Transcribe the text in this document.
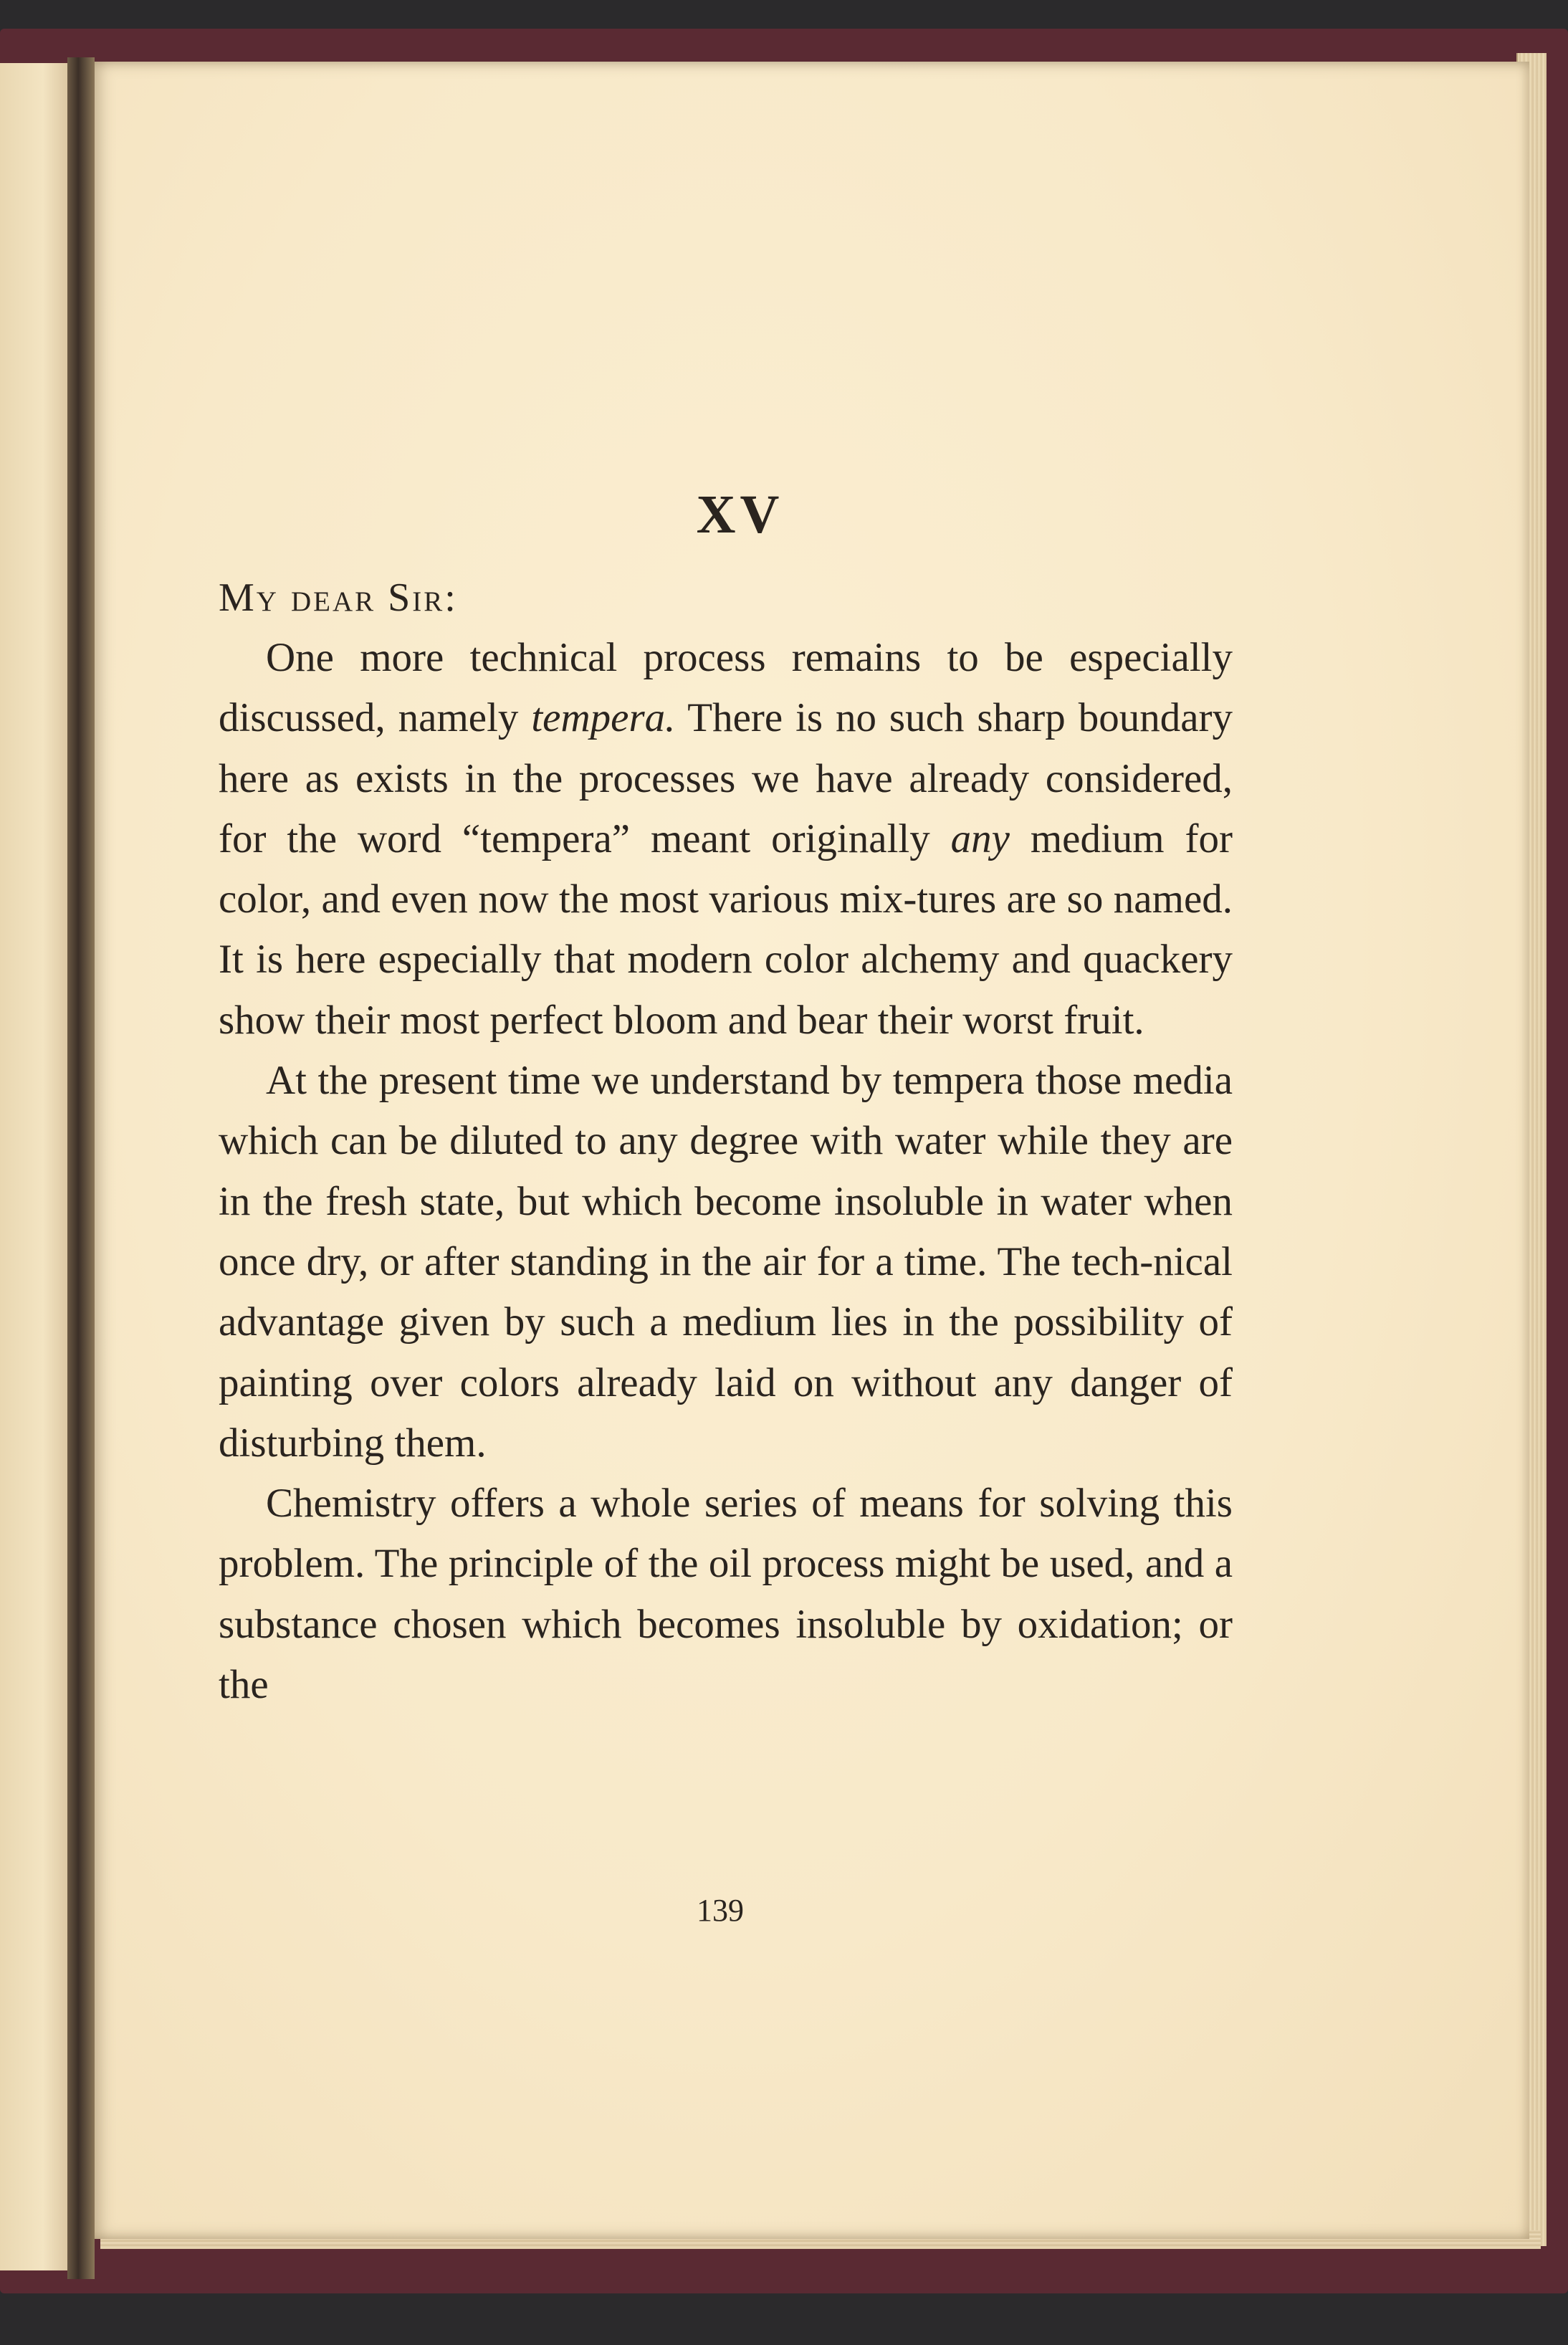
XV

My dear Sir:

One more technical process remains to be especially discussed, namely tempera. There is no such sharp boundary here as exists in the processes we have already considered, for the word “tempera” meant originally any medium for color, and even now the most various mix-tures are so named. It is here especially that modern color alchemy and quackery show their most perfect bloom and bear their worst fruit.

At the present time we understand by tempera those media which can be diluted to any degree with water while they are in the fresh state, but which become insoluble in water when once dry, or after standing in the air for a time. The tech-nical advantage given by such a medium lies in the possibility of painting over colors already laid on without any danger of disturbing them.

Chemistry offers a whole series of means for solving this problem. The principle of the oil process might be used, and a substance chosen which becomes insoluble by oxidation; or the

139
